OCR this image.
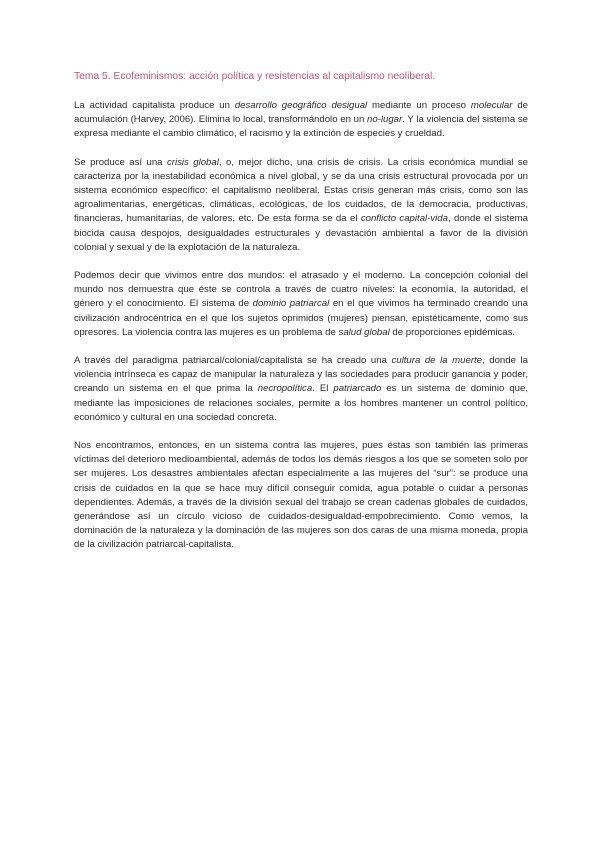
Tema 5. Ecofeminismos: acción política y resistencias al capitalismo neoliberal.

La actividad capitalista produce un desarrollo geográfico desigual mediante un proceso molecular de acumulación (Harvey, 2006). Elimina lo local, transformándolo en un no-lugar. Y la violencia del sistema se expresa mediante el cambio climático, el racismo y la extinción de especies y crueldad.

Se produce así una crisis global, o, mejor dicho, una crisis de crisis. La crisis económica mundial se caracteriza por la inestabilidad económica a nivel global, y se da una crisis estructural provocada por un sistema económico específico: el capitalismo neoliberal. Estas crisis generan más crisis, como son las agroalimentarias, energéticas, climáticas, ecológicas, de los cuidados, de la democracia, productivas, financieras, humanitarias, de valores, etc. De esta forma se da el conflicto capital-vida, donde el sistema biocida causa despojos, desigualdades estructurales y devastación ambiental a favor de la división colonial y sexual y de la explotación de la naturaleza.

Podemos decir que vivimos entre dos mundos: el atrasado y el moderno. La concepción colonial del mundo nos demuestra que éste se controla a través de cuatro niveles: la economía, la autoridad, el género y el conocimiento. El sistema de dominio patriarcal en el que vivimos ha terminado creando una civilización androcéntrica en el que los sujetos oprimidos (mujeres) piensan, epistéticamente, como sus opresores. La violencia contra las mujeres es un problema de salud global de proporciones epidémicas.

A través del paradigma patriarcal/colonial/capitalista se ha creado una cultura de la muerte, donde la violencia intrínseca es capaz de manipular la naturaleza y las sociedades para producir ganancia y poder, creando un sistema en el que prima la necropolítica. El patriarcado es un sistema de dominio que, mediante las imposiciones de relaciones sociales, permite a los hombres mantener un control político, económico y cultural en una sociedad concreta.

Nos encontramos, entonces, en un sistema contra las mujeres, pues éstas son también las primeras víctimas del deterioro medioambiental, además de todos los demás riesgos a los que se someten solo por ser mujeres. Los desastres ambientales afectan especialmente a las mujeres del “sur”: se produce una crisis de cuidados en la que se hace muy difícil conseguir comida, agua potable o cuidar a personas dependientes. Además, a través de la división sexual del trabajo se crean cadenas globales de cuidados, generándose así un círculo vicioso de cuidados-desigualdad-empobrecimiento. Como vemos, la dominación de la naturaleza y la dominación de las mujeres son dos caras de una misma moneda, propia de la civilización patriarcal-capitalista.
